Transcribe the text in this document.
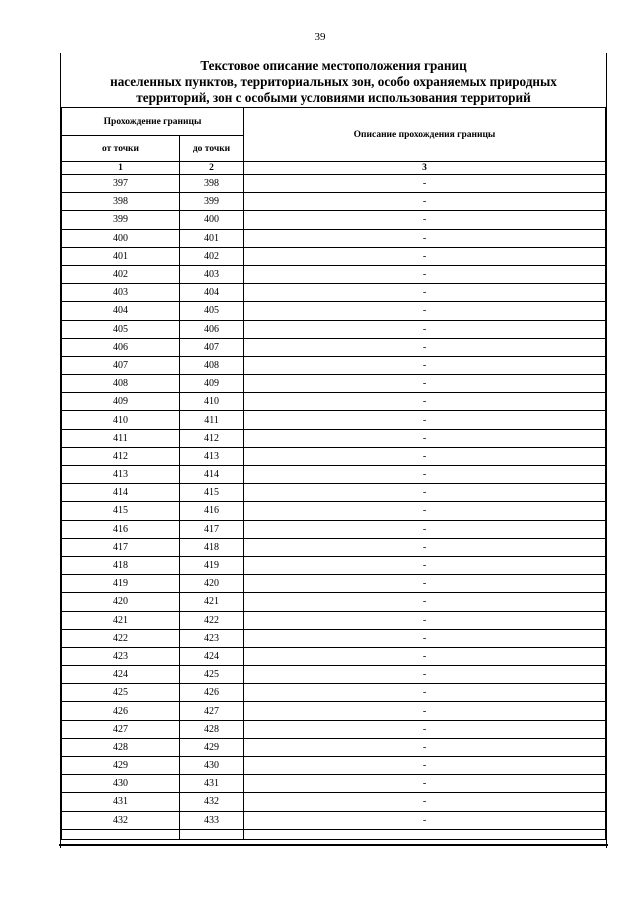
39
Текстовое описание местоположения границ
населенных пунктов, территориальных зон, особо охраняемых природных
территорий, зон с особыми условиями использования территорий
Прохождение границы		Описание прохождения границы
от точки	до точки	
1	2	3
397	398	-
398	399	-
399	400	-
400	401	-
401	402	-
402	403	-
403	404	-
404	405	-
405	406	-
406	407	-
407	408	-
408	409	-
409	410	-
410	411	-
411	412	-
412	413	-
413	414	-
414	415	-
415	416	-
416	417	-
417	418	-
418	419	-
419	420	-
420	421	-
421	422	-
422	423	-
423	424	-
424	425	-
425	426	-
426	427	-
427	428	-
428	429	-
429	430	-
430	431	-
431	432	-
432	433	-
